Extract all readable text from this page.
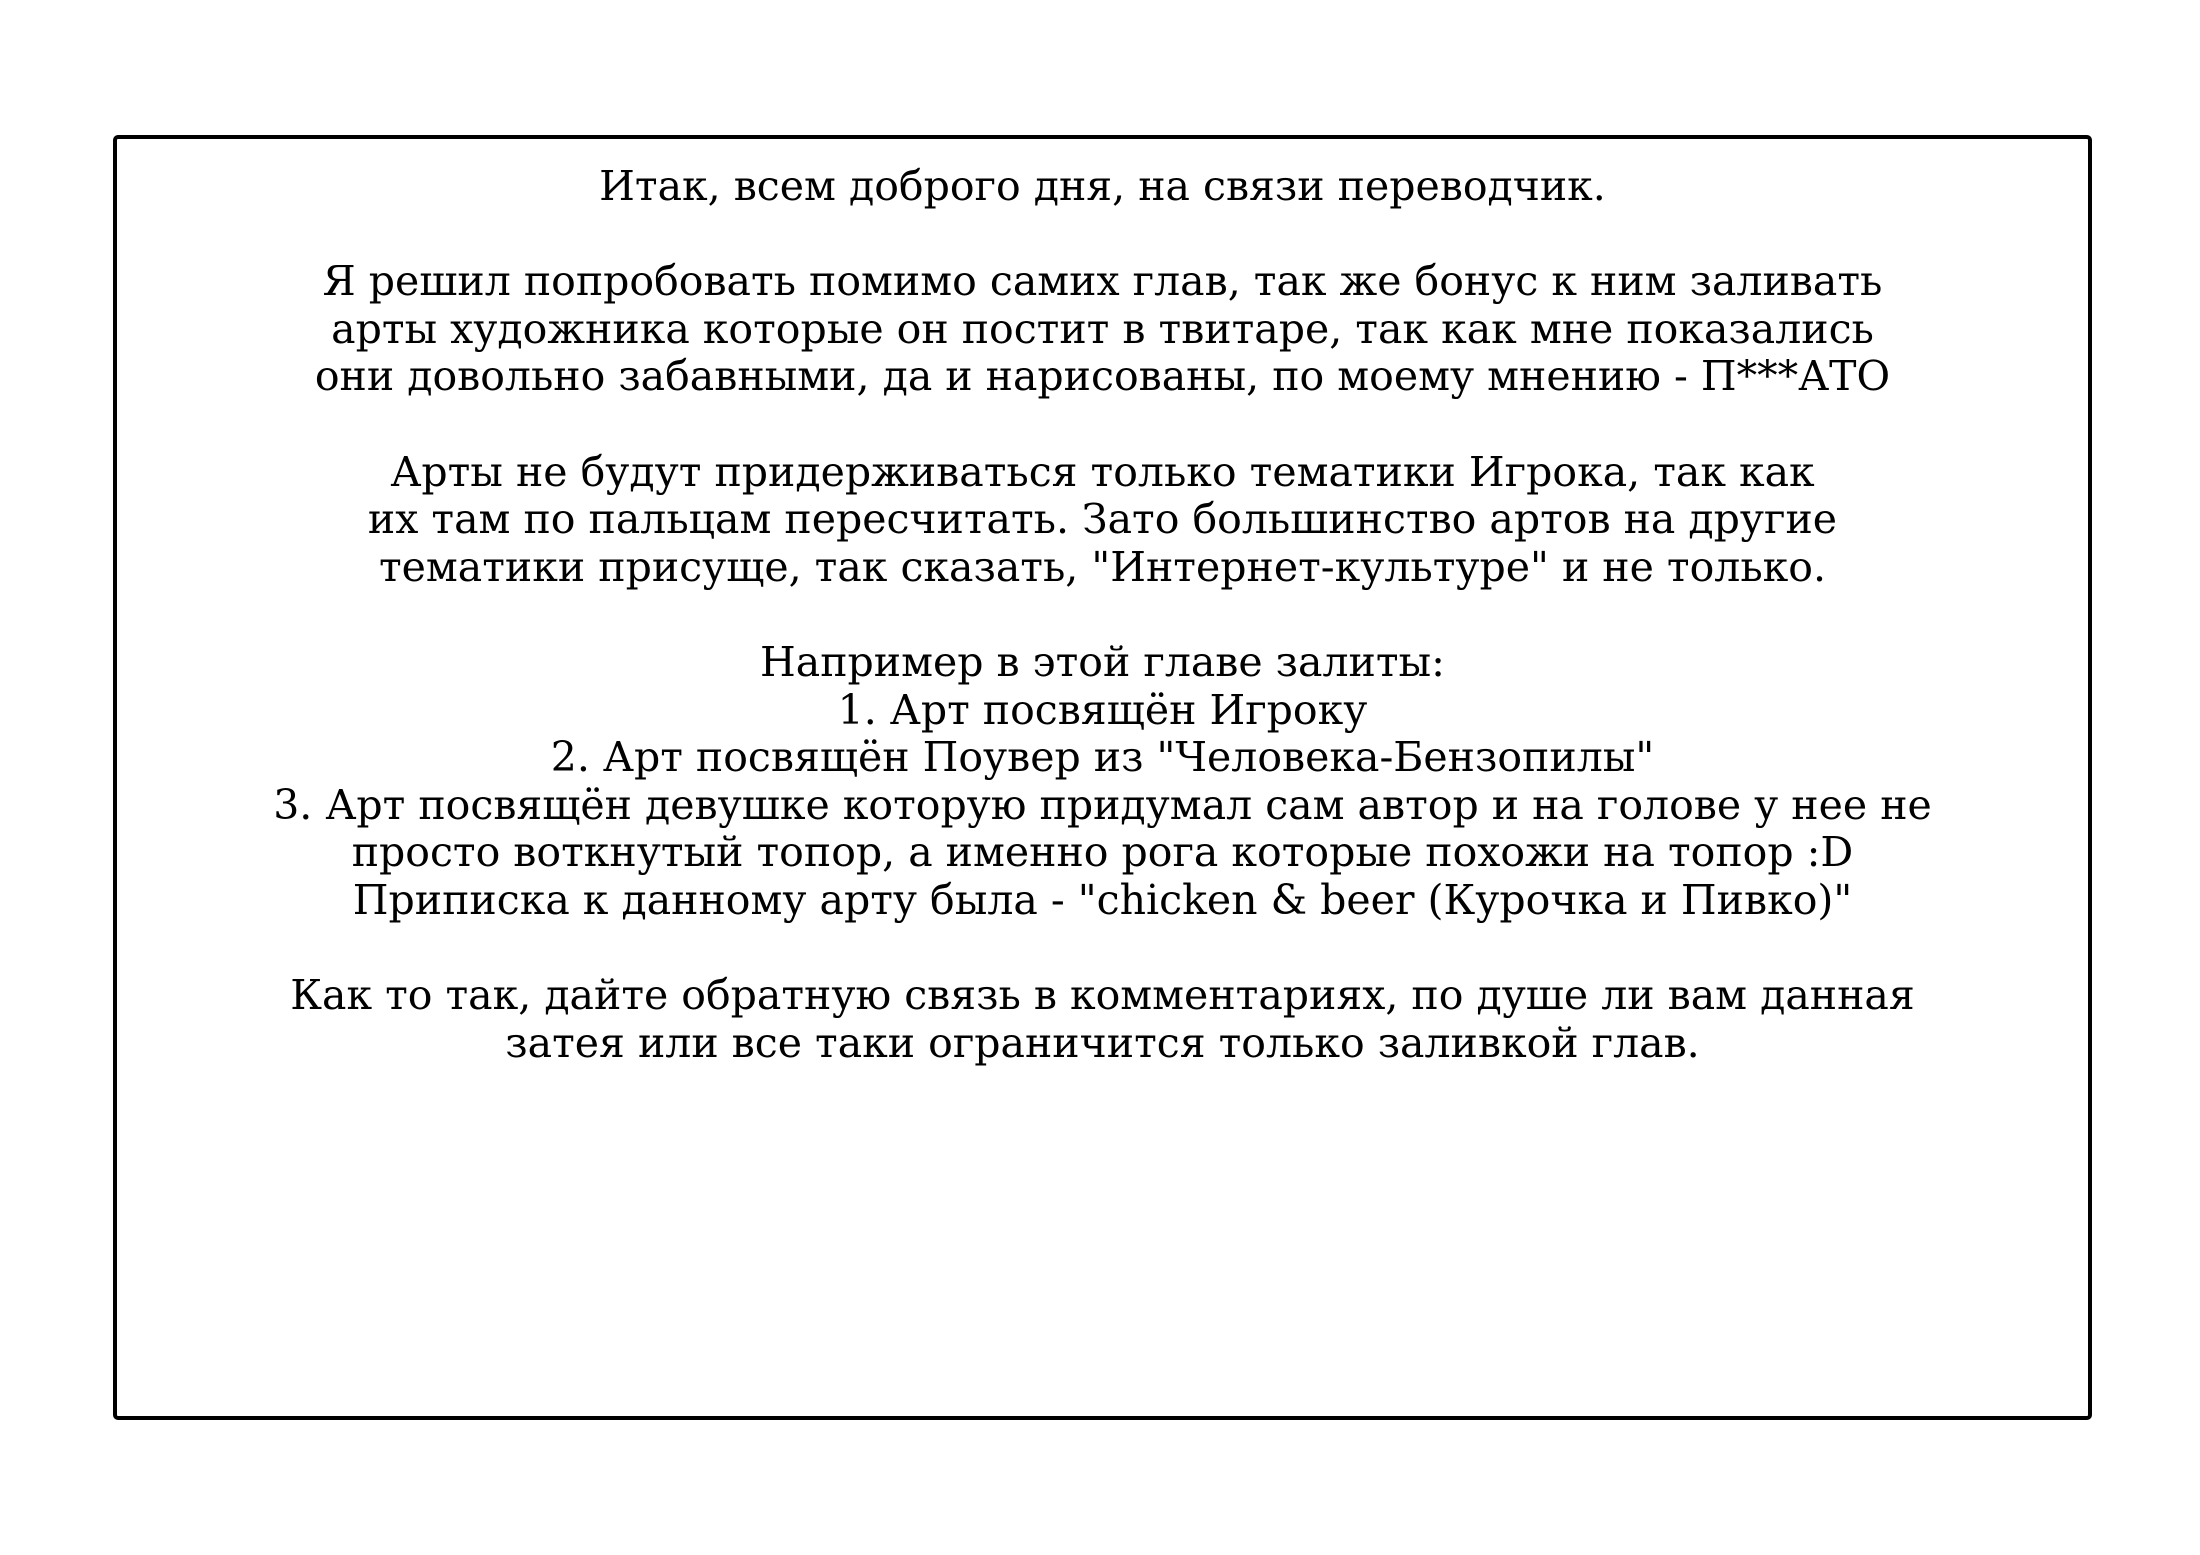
Итак, всем доброго дня, на связи переводчик.
Я решил попробовать помимо самих глав, так же бонус к ним заливать
арты художника которые он постит в твитаре, так как мне показались
они довольно забавными, да и нарисованы, по моему мнению - П***АТО
Арты не будут придерживаться только тематики Игрока, так как
их там по пальцам пересчитать. Зато большинство артов на другие
тематики присуще, так сказать, "Интернет-культуре" и не только.
Например в этой главе залиты:
1. Арт посвящён Игроку
2. Арт посвящён Поувер из "Человека-Бензопилы"
3. Арт посвящён девушке которую придумал сам автор и на голове у нее не
просто воткнутый топор, а именно рога которые похожи на топор :D
Приписка к данному арту была - "chicken & beer (Курочка и Пивко)"
Как то так, дайте обратную связь в комментариях, по душе ли вам данная
затея или все таки ограничится только заливкой глав.
